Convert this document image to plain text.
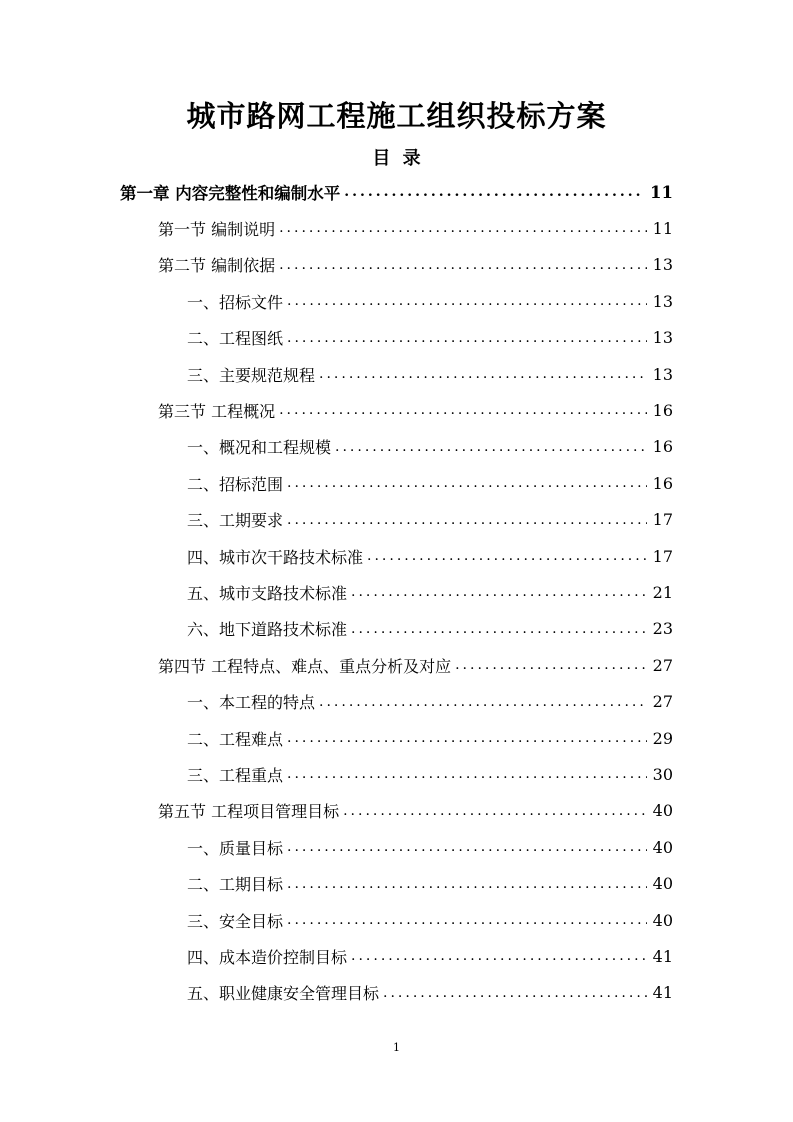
城市路网工程施工组织投标方案
目 录
第一章 内容完整性和编制水平 .....	11
第一节 编制说明 .....	11
第二节 编制依据 .....	13
一、招标文件 .....	13
二、工程图纸 .....	13
三、主要规范规程 .....	13
第三节 工程概况 .....	16
一、概况和工程规模 .....	16
二、招标范围 .....	16
三、工期要求 .....	17
四、城市次干路技术标准 .....	17
五、城市支路技术标准 .....	21
六、地下道路技术标准 .....	23
第四节 工程特点、难点、重点分析及对应 .....	27
一、本工程的特点 .....	27
二、工程难点 .....	29
三、工程重点 .....	30
第五节 工程项目管理目标 .....	40
一、质量目标 .....	40
二、工期目标 .....	40
三、安全目标 .....	40
四、成本造价控制目标 .....	41
五、职业健康安全管理目标 .....	41
1
